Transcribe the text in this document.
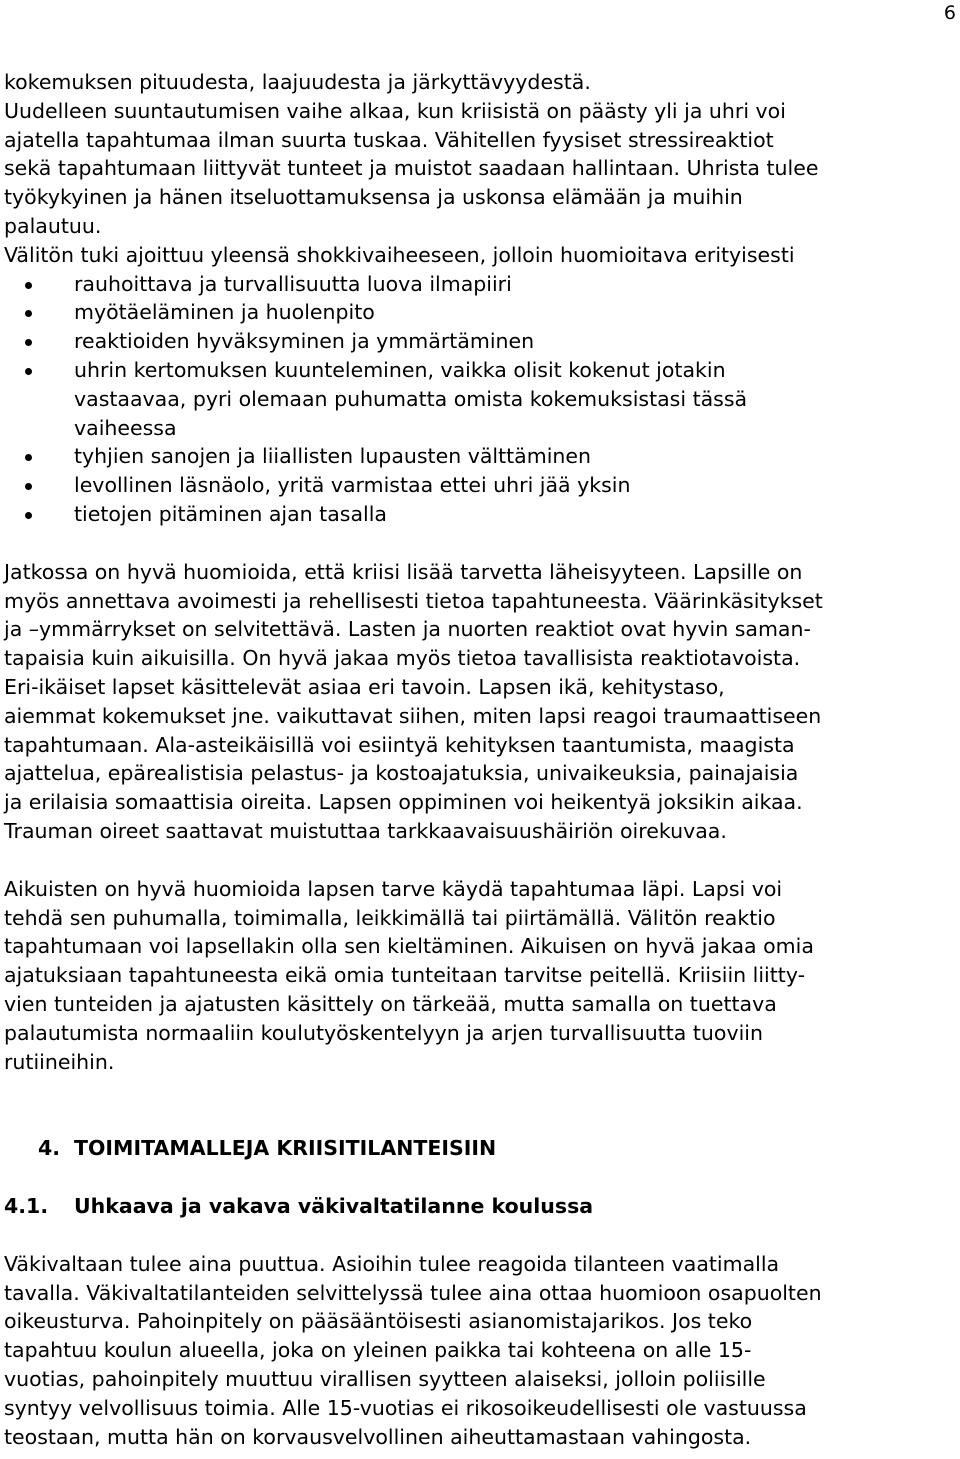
6
kokemuksen pituudesta, laajuudesta ja järkyttävyydestä.
Uudelleen suuntautumisen vaihe alkaa, kun kriisistä on päästy yli ja uhri voi
ajatella tapahtumaa ilman suurta tuskaa. Vähitellen fyysiset stressireaktiot
sekä tapahtumaan liittyvät tunteet ja muistot saadaan hallintaan. Uhrista tulee
työkykyinen ja hänen itseluottamuksensa ja uskonsa elämään ja muihin
palautuu.
Välitön tuki ajoittuu yleensä shokkivaiheeseen, jolloin huomioitava erityisesti
rauhoittava ja turvallisuutta luova ilmapiiri
myötäeläminen ja huolenpito
reaktioiden hyväksyminen ja ymmärtäminen
uhrin kertomuksen kuunteleminen, vaikka olisit kokenut jotakin
vastaavaa, pyri olemaan puhumatta omista kokemuksistasi tässä
vaiheessa
tyhjien sanojen ja liiallisten lupausten välttäminen
levollinen läsnäolo, yritä varmistaa ettei uhri jää yksin
tietojen pitäminen ajan tasalla
Jatkossa on hyvä huomioida, että kriisi lisää tarvetta läheisyyteen. Lapsille on
myös annettava avoimesti ja rehellisesti tietoa tapahtuneesta. Väärinkäsitykset
ja –ymmärrykset on selvitettävä. Lasten ja nuorten reaktiot ovat hyvin saman-
tapaisia kuin aikuisilla. On hyvä jakaa myös tietoa tavallisista reaktiotavoista.
Eri-ikäiset lapset käsittelevät asiaa eri tavoin. Lapsen ikä, kehitystaso,
aiemmat kokemukset jne. vaikuttavat siihen, miten lapsi reagoi traumaattiseen
tapahtumaan. Ala-asteikäisillä voi esiintyä kehityksen taantumista, maagista
ajattelua, epärealistisia pelastus- ja kostoajatuksia, univaikeuksia, painajaisia
ja erilaisia somaattisia oireita. Lapsen oppiminen voi heikentyä joksikin aikaa.
Trauman oireet saattavat muistuttaa tarkkaavaisuushäiriön oirekuvaa.
Aikuisten on hyvä huomioida lapsen tarve käydä tapahtumaa läpi. Lapsi voi
tehdä sen puhumalla, toimimalla, leikkimällä tai piirtämällä. Välitön reaktio
tapahtumaan voi lapsellakin olla sen kieltäminen. Aikuisen on hyvä jakaa omia
ajatuksiaan tapahtuneesta eikä omia tunteitaan tarvitse peitellä. Kriisiin liitty-
vien tunteiden ja ajatusten käsittely on tärkeää, mutta samalla on tuettava
palautumista normaaliin koulutyöskentelyyn ja arjen turvallisuutta tuoviin
rutiineihin.
4. TOIMITAMALLEJA KRIISITILANTEISIIN
4.1. Uhkaava ja vakava väkivaltatilanne koulussa
Väkivaltaan tulee aina puuttua. Asioihin tulee reagoida tilanteen vaatimalla
tavalla. Väkivaltatilanteiden selvittelyssä tulee aina ottaa huomioon osapuolten
oikeusturva. Pahoinpitely on pääsääntöisesti asianomistajarikos. Jos teko
tapahtuu koulun alueella, joka on yleinen paikka tai kohteena on alle 15-
vuotias, pahoinpitely muuttuu virallisen syytteen alaiseksi, jolloin poliisille
syntyy velvollisuus toimia. Alle 15-vuotias ei rikosoikeudellisesti ole vastuussa
teostaan, mutta hän on korvausvelvollinen aiheuttamastaan vahingosta.
